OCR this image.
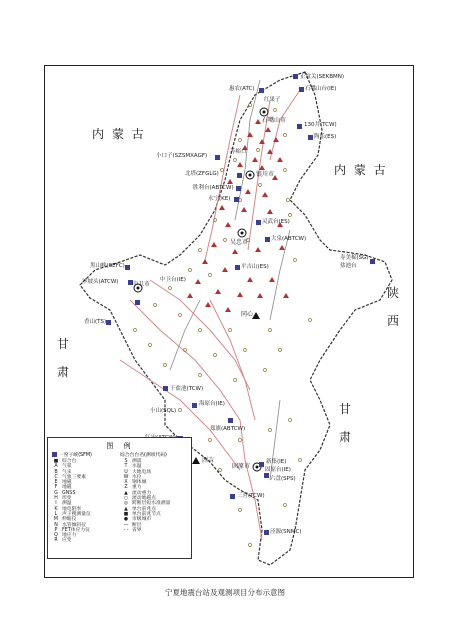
内 蒙 古
内 蒙 古
陕西
甘肃
甘肃
正谊关(SEKBMN)
石嘴山台(IE)
惠农(ATC)
红果子
石嘴山市
130井(TCW)
陶乐(ES)
小口子(SZSMXAGF)
苏峪口
北塔(ZFGLG)	银川市
胜利台(ABTCW)
永宁(KE)
灵武台(ES)
吴忠市	大泉(ABTCW)
寿美棉(SG)
盐池台
平吉山(ES)
黑山峡(SEFC)
沙坡头(ATCW) 中卫市
中卫台(IE)
同心
香山(TS)
干盐池(TCW)
海原台(IE)
小山(SQL)
郑旗(ABTCW)
西吉
固原市
新集(IE)
固原台(IE)
六盘(SPS)
三营(TCW)
泾源(SNMC)
图 例
一窑子峡(SFM)	综合台台名(测项代码)
■ 综合台
A 气氡
B 气汞
C 气象三要素
E 地磁
F 地磁
G GNSS
H 形变
I	测温
K 地电阻率
L 声子搜测量仪
M 伸缩仪
N 水管倾斜仪
P FET体应力仪
Q 地应力
R 应变
S 测震
T 水温
U 大地电场
W 水位
X 钢体倾
Z 重力
▲ 流动重力
○ 流动地磁点
◎ 跨断层短水准测量
▲ 单台前兆点
■ 单台前兆节点
● 市级城市
— 断层
- - 省界
宁夏地震台站及观测项目分布示意图
